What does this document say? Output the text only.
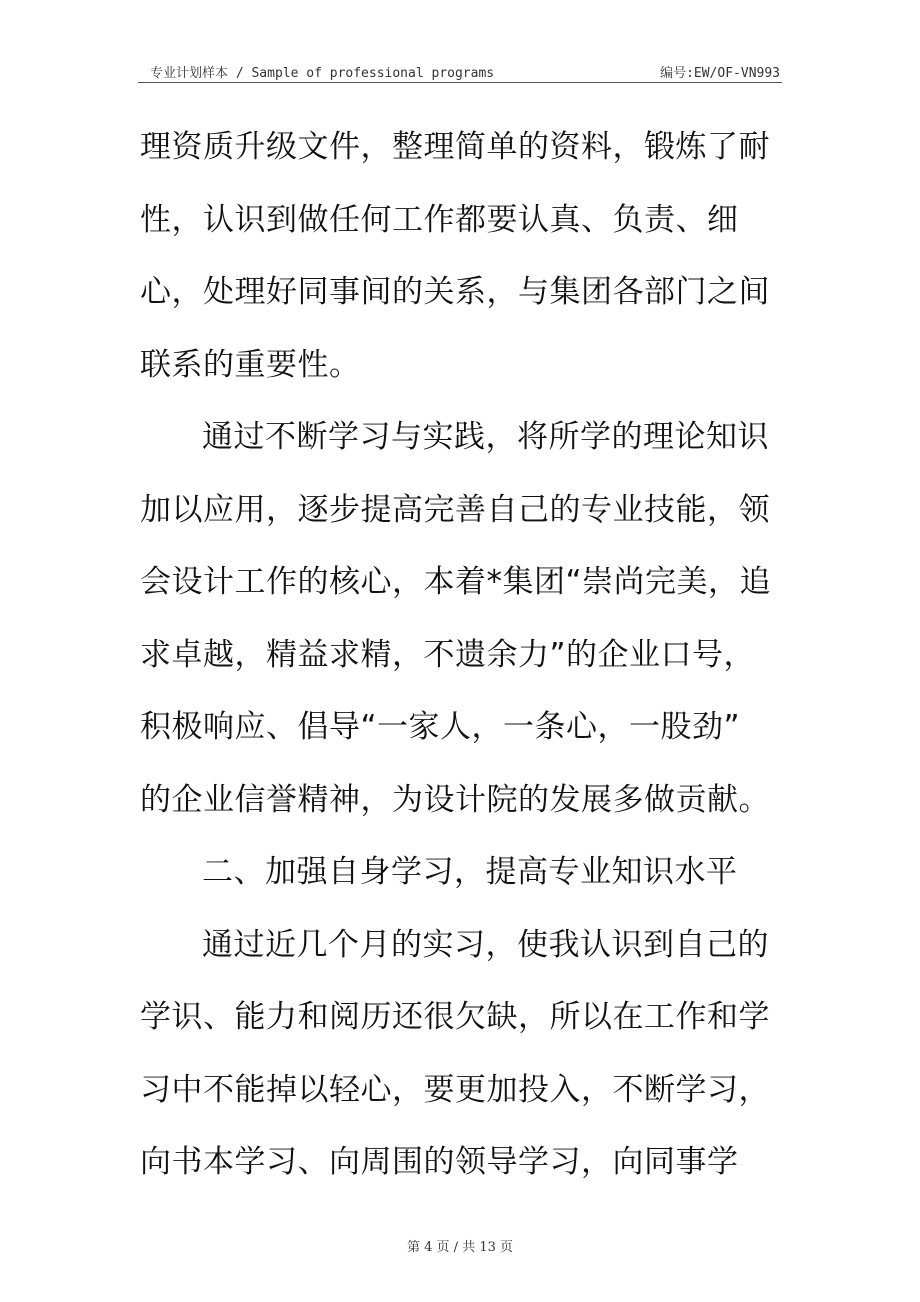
专业计划样本 / Sample of professional programs	编号:EW/OF-VN993
理资质升级文件，整理简单的资料，锻炼了耐
性，认识到做任何工作都要认真、负责、细
心，处理好同事间的关系，与集团各部门之间
联系的重要性。
通过不断学习与实践，将所学的理论知识
加以应用，逐步提高完善自己的专业技能，领
会设计工作的核心，本着*集团“崇尚完美，追
求卓越，精益求精，不遗余力”的企业口号，
积极响应、倡导“一家人，一条心，一股劲”
的企业信誉精神，为设计院的发展多做贡献。
二、加强自身学习，提高专业知识水平
通过近几个月的实习，使我认识到自己的
学识、能力和阅历还很欠缺，所以在工作和学
习中不能掉以轻心，要更加投入，不断学习，
向书本学习、向周围的领导学习，向同事学
第 4 页 / 共 13 页
